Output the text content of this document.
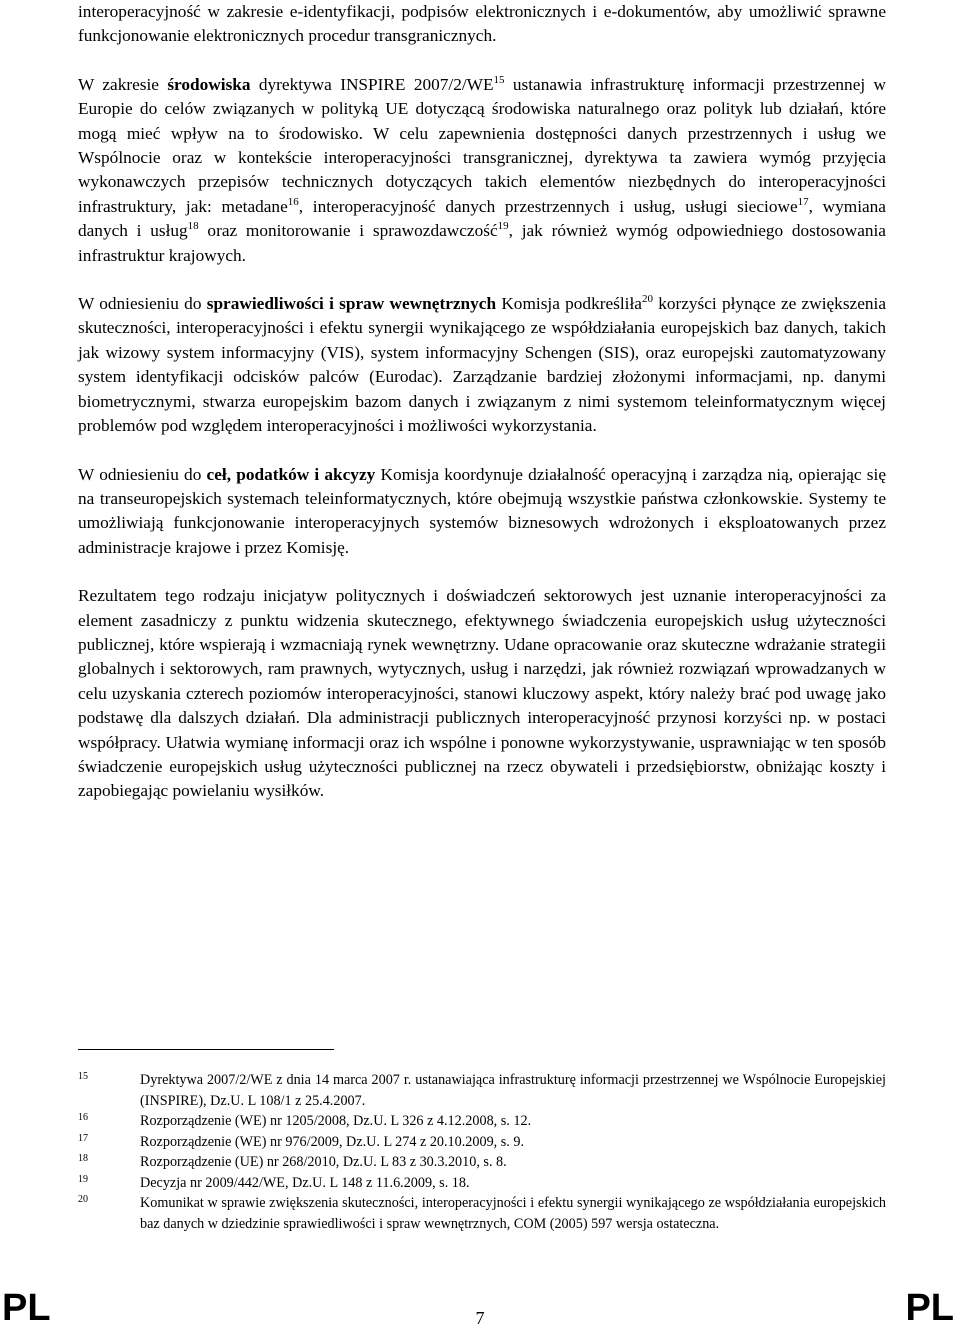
interoperacyjność w zakresie e-identyfikacji, podpisów elektronicznych i e-dokumentów, aby umożliwić sprawne funkcjonowanie elektronicznych procedur transgranicznych.

W zakresie środowiska dyrektywa INSPIRE 2007/2/WE$^{15}$ ustanawia infrastrukturę informacji przestrzennej w Europie do celów związanych w polityką UE dotyczącą środowiska naturalnego oraz polityk lub działań, które mogą mieć wpływ na to środowisko. W celu zapewnienia dostępności danych przestrzennych i usług we Wspólnocie oraz w kontekście interoperacyjności transgranicznej, dyrektywa ta zawiera wymóg przyjęcia wykonawczych przepisów technicznych dotyczących takich elementów niezbędnych do interoperacyjności infrastruktury, jak: metadane$^{16}$, interoperacyjność danych przestrzennych i usług, usługi sieciowe$^{17}$, wymiana danych i usług$^{18}$ oraz monitorowanie i sprawozdawczość$^{19}$, jak również wymóg odpowiedniego dostosowania infrastruktur krajowych.

W odniesieniu do sprawiedliwości i spraw wewnętrznych Komisja podkreśliła$^{20}$ korzyści płynące ze zwiększenia skuteczności, interoperacyjności i efektu synergii wynikającego ze współdziałania europejskich baz danych, takich jak wizowy system informacyjny (VIS), system informacyjny Schengen (SIS), oraz europejski zautomatyzowany system identyfikacji odcisków palców (Eurodac). Zarządzanie bardziej złożonymi informacjami, np. danymi biometrycznymi, stwarza europejskim bazom danych i związanym z nimi systemom teleinformatycznym więcej problemów pod względem interoperacyjności i możliwości wykorzystania.

W odniesieniu do ceł, podatków i akcyzy Komisja koordynuje działalność operacyjną i zarządza nią, opierając się na transeuropejskich systemach teleinformatycznych, które obejmują wszystkie państwa członkowskie. Systemy te umożliwiają funkcjonowanie interoperacyjnych systemów biznesowych wdrożonych i eksploatowanych przez administracje krajowe i przez Komisję.

Rezultatem tego rodzaju inicjatyw politycznych i doświadczeń sektorowych jest uznanie interoperacyjności za element zasadniczy z punktu widzenia skutecznego, efektywnego świadczenia europejskich usług użyteczności publicznej, które wspierają i wzmacniają rynek wewnętrzny. Udane opracowanie oraz skuteczne wdrażanie strategii globalnych i sektorowych, ram prawnych, wytycznych, usług i narzędzi, jak również rozwiązań wprowadzanych w celu uzyskania czterech poziomów interoperacyjności, stanowi kluczowy aspekt, który należy brać pod uwagę jako podstawę dla dalszych działań. Dla administracji publicznych interoperacyjność przynosi korzyści np. w postaci współpracy. Ułatwia wymianę informacji oraz ich wspólne i ponowne wykorzystywanie, usprawniając w ten sposób świadczenie europejskich usług użyteczności publicznej na rzecz obywateli i przedsiębiorstw, obniżając koszty i zapobiegając powielaniu wysiłków.

15	Dyrektywa 2007/2/WE z dnia 14 marca 2007 r. ustanawiająca infrastrukturę informacji przestrzennej we Wspólnocie Europejskiej (INSPIRE), Dz.U. L 108/1 z 25.4.2007.
16	Rozporządzenie (WE) nr 1205/2008, Dz.U. L 326 z 4.12.2008, s. 12.
17	Rozporządzenie (WE) nr 976/2009, Dz.U. L 274 z 20.10.2009, s. 9.
18	Rozporządzenie (UE) nr 268/2010, Dz.U. L 83 z 30.3.2010, s. 8.
19	Decyzja nr 2009/442/WE, Dz.U. L 148 z 11.6.2009, s. 18.
20	Komunikat w sprawie zwiększenia skuteczności, interoperacyjności i efektu synergii wynikającego ze współdziałania europejskich baz danych w dziedzinie sprawiedliwości i spraw wewnętrznych, COM (2005) 597 wersja ostateczna.
PL	7	PL
